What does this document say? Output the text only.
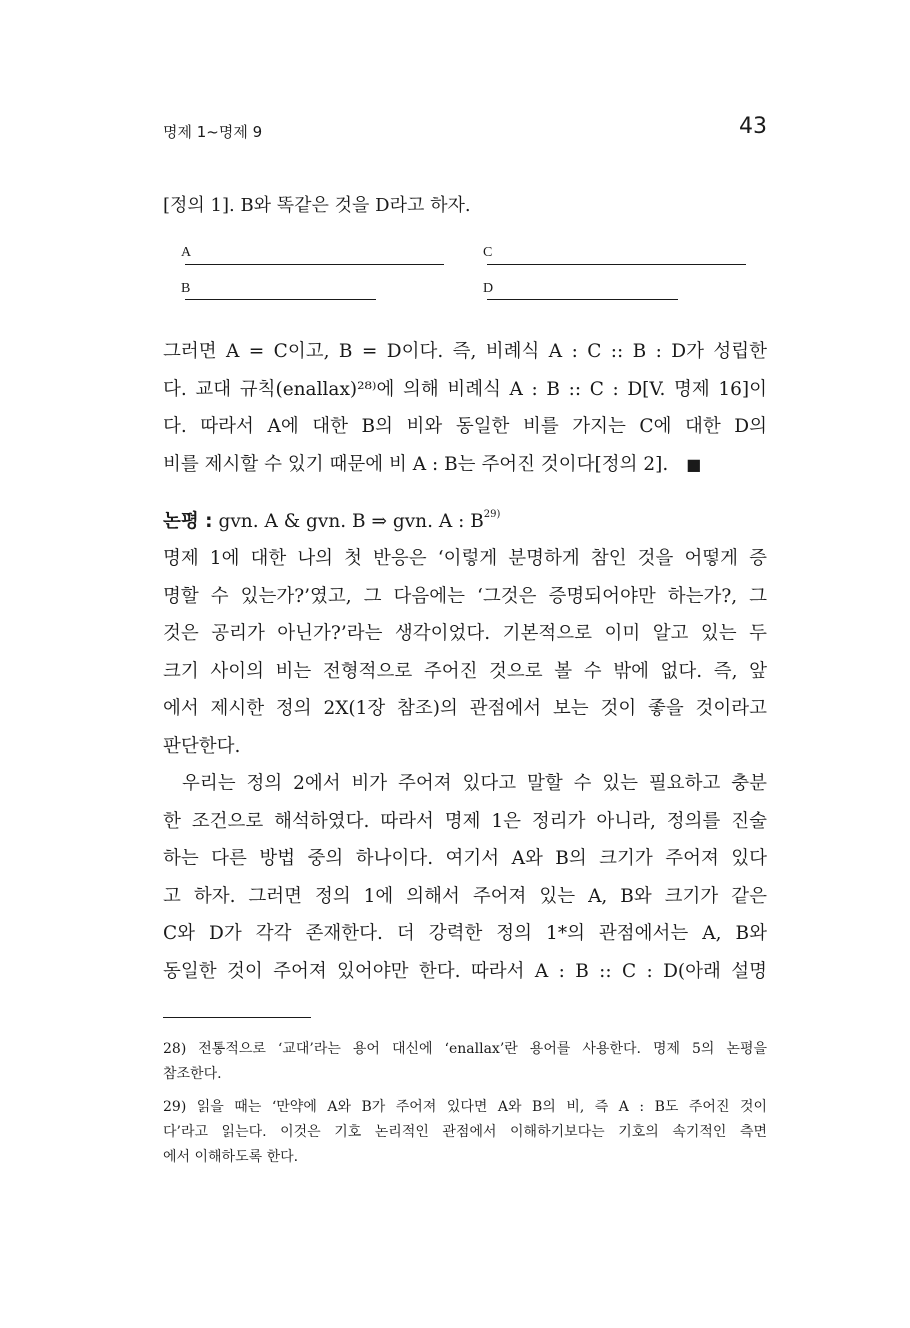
명제 1~명제 9	43
[정의 1]. B와 똑같은 것을 D라고 하자.
A	C
B	D
그러면 A = C이고, B = D이다. 즉, 비례식 A : C :: B : D가 성립한
다. 교대 규칙(enallax)²⁸⁾에 의해 비례식 A : B :: C : D[V. 명제 16]이
다. 따라서 A에 대한 B의 비와 동일한 비를 가지는 C에 대한 D의
비를 제시할 수 있기 때문에 비 A : B는 주어진 것이다[정의 2]. ■
논평 : gvn. A & gvn. B ⇒ gvn. A : $B^{29)}$
명제 1에 대한 나의 첫 반응은 ‘이렇게 분명하게 참인 것을 어떻게 증
명할 수 있는가?’였고, 그 다음에는 ‘그것은 증명되어야만 하는가?, 그
것은 공리가 아닌가?’라는 생각이었다. 기본적으로 이미 알고 있는 두
크기 사이의 비는 전형적으로 주어진 것으로 볼 수 밖에 없다. 즉, 앞
에서 제시한 정의 2X(1장 참조)의 관점에서 보는 것이 좋을 것이라고
판단한다.
우리는 정의 2에서 비가 주어져 있다고 말할 수 있는 필요하고 충분
한 조건으로 해석하였다. 따라서 명제 1은 정리가 아니라, 정의를 진술
하는 다른 방법 중의 하나이다. 여기서 A와 B의 크기가 주어져 있다
고 하자. 그러면 정의 1에 의해서 주어져 있는 A, B와 크기가 같은
C와 D가 각각 존재한다. 더 강력한 정의 1*의 관점에서는 A, B와
동일한 것이 주어져 있어야만 한다. 따라서 A : B :: C : D(아래 설명
28) 전통적으로 ‘교대’라는 용어 대신에 ‘enallax’란 용어를 사용한다. 명제 5의 논평을
참조한다.
29) 읽을 때는 ‘만약에 A와 B가 주어져 있다면 A와 B의 비, 즉 A : B도 주어진 것이
다’라고 읽는다. 이것은 기호 논리적인 관점에서 이해하기보다는 기호의 속기적인 측면
에서 이해하도록 한다.
